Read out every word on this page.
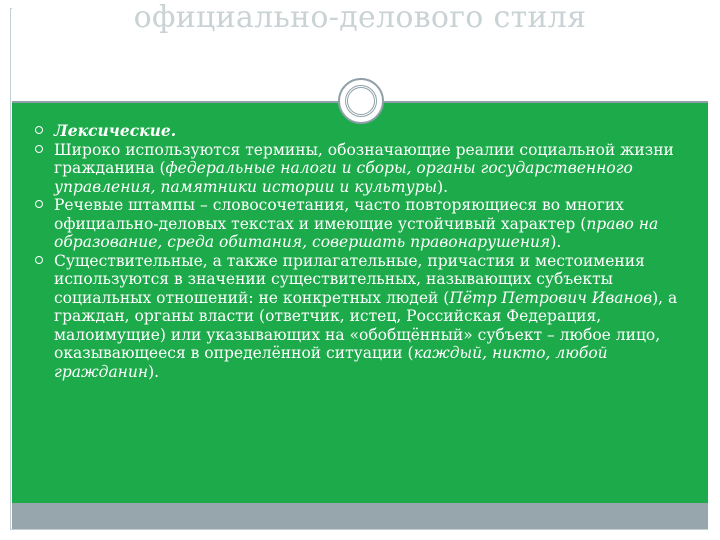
официально-делового стиля
Лексические.
Широко используются термины, обозначающие реалии социальной жизни гражданина (федеральные налоги и сборы, органы государственного управления, памятники истории и культуры).
Речевые штампы – словосочетания, часто повторяющиеся во многих официально-деловых текстах и имеющие устойчивый характер (право на образование, среда обитания, совершать правонарушения).
Существительные, а также прилагательные, причастия и местоимения используются в значении существительных, называющих субъекты социальных отношений: не конкретных людей (Пётр Петрович Иванов), а граждан, органы власти (ответчик, истец, Российская Федерация, малоимущие) или указывающих на «обобщённый» субъект – любое лицо, оказывающееся в определённой ситуации (каждый, никто, любой гражданин).
